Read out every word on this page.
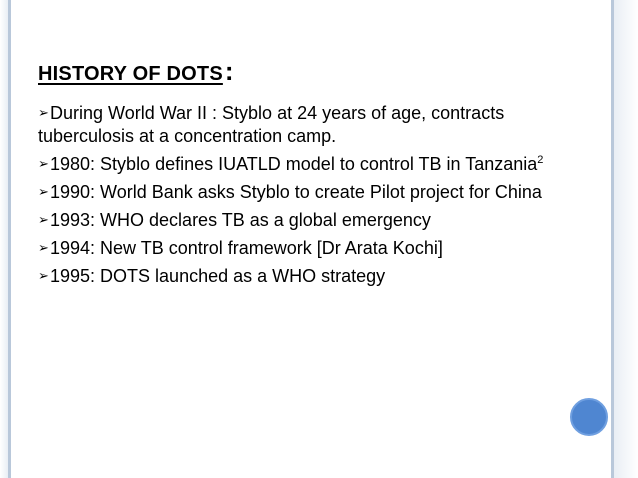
HISTORY OF DOTS:
➢During World War II : Styblo at 24 years of age, contracts tuberculosis at a concentration camp.
➢1980: Styblo defines IUATLD model to control TB in Tanzania$^2$
➢1990: World Bank asks Styblo to create Pilot project for China
➢1993: WHO declares TB as a global emergency
➢1994: New TB control framework [Dr Arata Kochi]
➢1995: DOTS launched as a WHO strategy
